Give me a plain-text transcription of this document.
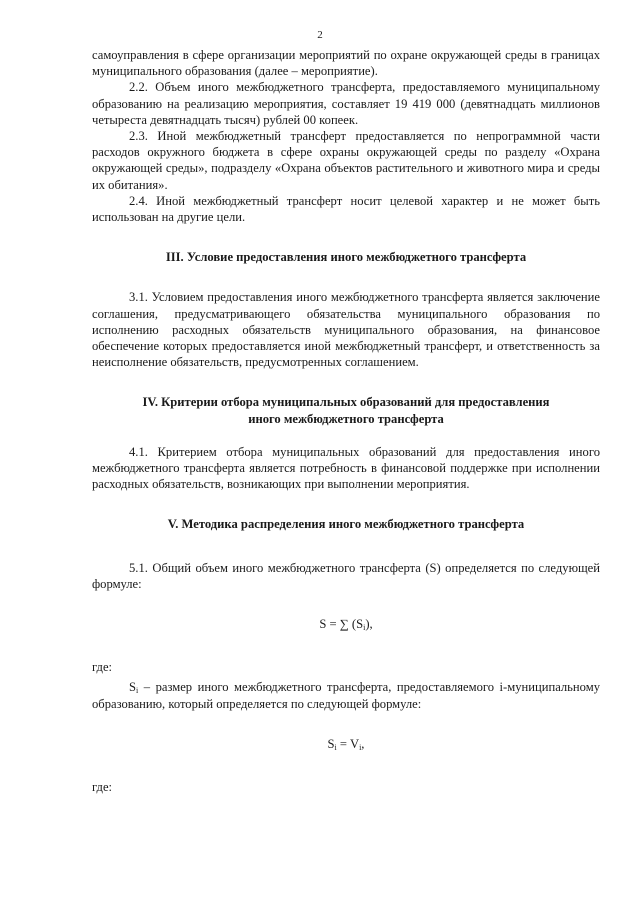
2

самоуправления в сфере организации мероприятий по охране окружающей среды в границах муниципального образования (далее – мероприятие).

2.2. Объем иного межбюджетного трансферта, предоставляемого муниципальному образованию на реализацию мероприятия, составляет 19 419 000 (девятнадцать миллионов четыреста девятнадцать тысяч) рублей 00 копеек.

2.3. Иной межбюджетный трансферт предоставляется по непрограммной части расходов окружного бюджета в сфере охраны окружающей среды по разделу «Охрана окружающей среды», подразделу «Охрана объектов растительного и животного мира и среды их обитания».

2.4. Иной межбюджетный трансферт носит целевой характер и не может быть использован на другие цели.

III. Условие предоставления иного межбюджетного трансферта

3.1. Условием предоставления иного межбюджетного трансферта является заключение соглашения, предусматривающего обязательства муниципального образования по исполнению расходных обязательств муниципального образования, на финансовое обеспечение которых предоставляется иной межбюджетный трансферт, и ответственность за неисполнение обязательств, предусмотренных соглашением.

IV. Критерии отбора муниципальных образований для предоставления

иного межбюджетного трансферта

4.1. Критерием отбора муниципальных образований для предоставления иного межбюджетного трансферта является потребность в финансовой поддержке при исполнении расходных обязательств, возникающих при выполнении мероприятия.

V. Методика распределения иного межбюджетного трансферта

5.1. Общий объем иного межбюджетного трансферта (S) определяется по следующей формуле:

S = ∑ $(S_i)$,

где:

$S_i$ – размер иного межбюджетного трансферта, предоставляемого i-муниципальному образованию, который определяется по следующей формуле:

$S_i = V_i$,

где:
